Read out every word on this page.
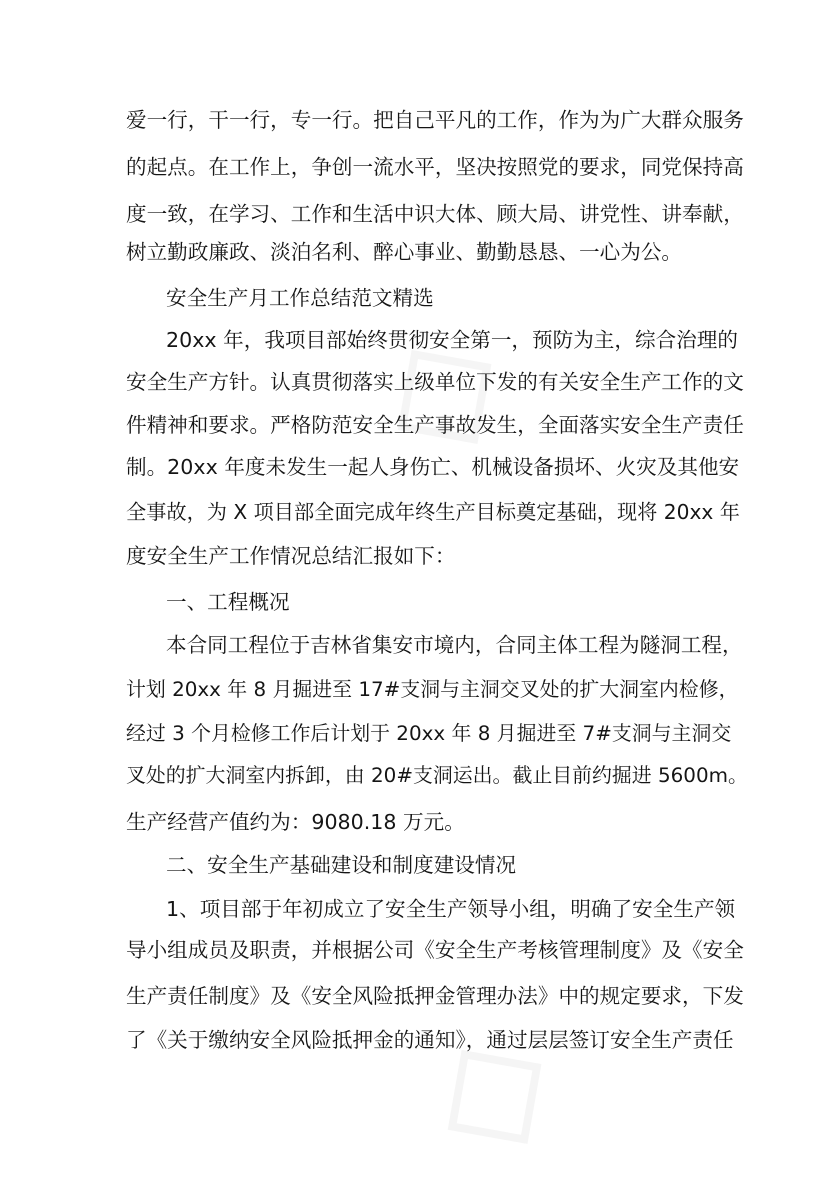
爱一行，干一行，专一行。把自己平凡的工作，作为为广大群众服务
的起点。在工作上，争创一流水平，坚决按照党的要求，同党保持高
度一致，在学习、工作和生活中识大体、顾大局、讲党性、讲奉献，
树立勤政廉政、淡泊名利、醉心事业、勤勤恳恳、一心为公。
安全生产月工作总结范文精选
20xx 年，我项目部始终贯彻安全第一，预防为主，综合治理的
安全生产方针。认真贯彻落实上级单位下发的有关安全生产工作的文
件精神和要求。严格防范安全生产事故发生，全面落实安全生产责任
制。20xx 年度未发生一起人身伤亡、机械设备损坏、火灾及其他安
全事故，为 X 项目部全面完成年终生产目标奠定基础，现将 20xx 年
度安全生产工作情况总结汇报如下：
一、工程概况
本合同工程位于吉林省集安市境内，合同主体工程为隧洞工程，
计划 20xx 年 8 月掘进至 17#支洞与主洞交叉处的扩大洞室内检修，
经过 3 个月检修工作后计划于 20xx 年 8 月掘进至 7#支洞与主洞交
叉处的扩大洞室内拆卸，由 20#支洞运出。截止目前约掘进 5600m。
生产经营产值约为：9080.18 万元。
二、安全生产基础建设和制度建设情况
1、项目部于年初成立了安全生产领导小组，明确了安全生产领
导小组成员及职责，并根据公司《安全生产考核管理制度》及《安全
生产责任制度》及《安全风险抵押金管理办法》中的规定要求，下发
了《关于缴纳安全风险抵押金的通知》，通过层层签订安全生产责任
